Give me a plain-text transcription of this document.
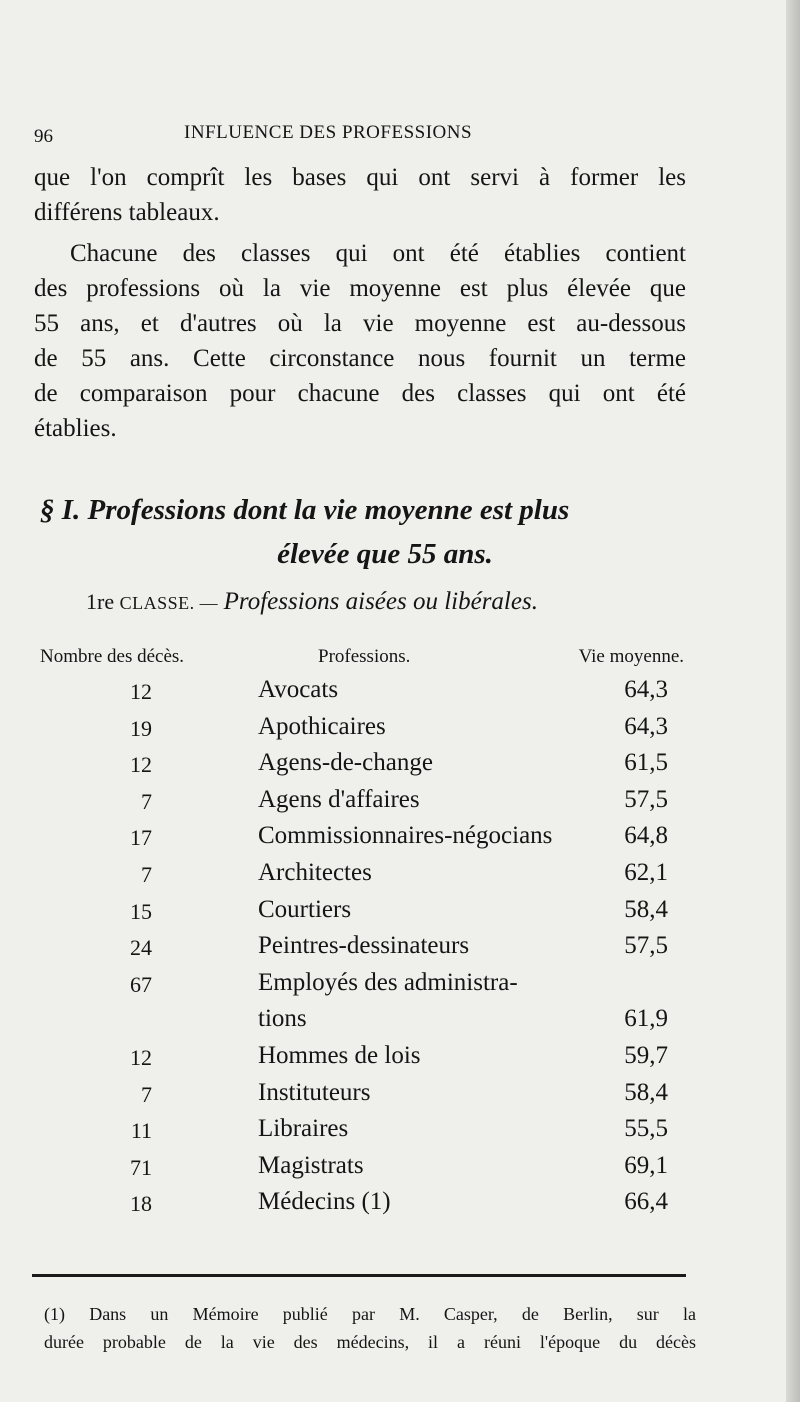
96	INFLUENCE DES PROFESSIONS
que l'on comprît les bases qui ont servi à former les
différens tableaux.
Chacune des classes qui ont été établies contient
des professions où la vie moyenne est plus élevée que
55 ans, et d'autres où la vie moyenne est au-dessous
de 55 ans. Cette circonstance nous fournit un terme
de comparaison pour chacune des classes qui ont été
établies.
§ I. Professions dont la vie moyenne est plus
élevée que 55 ans.
1re CLASSE. — Professions aisées ou libérales.
Nombre des décès.	Professions.	Vie moyenne.
12	Avocats	64,3
19	Apothicaires	64,3
12	Agens-de-change	61,5
7	Agens d'affaires	57,5
17	Commissionnaires-négocians	64,8
7	Architectes	62,1
15	Courtiers	58,4
24	Peintres-dessinateurs	57,5
67	Employés des administra-
tions	61,9
12	Hommes de lois	59,7
7	Instituteurs	58,4
11	Libraires	55,5
71	Magistrats	69,1
18	Médecins (1)	66,4
(1) Dans un Mémoire publié par M. Casper, de Berlin, sur la
durée probable de la vie des médecins, il a réuni l'époque du décès
